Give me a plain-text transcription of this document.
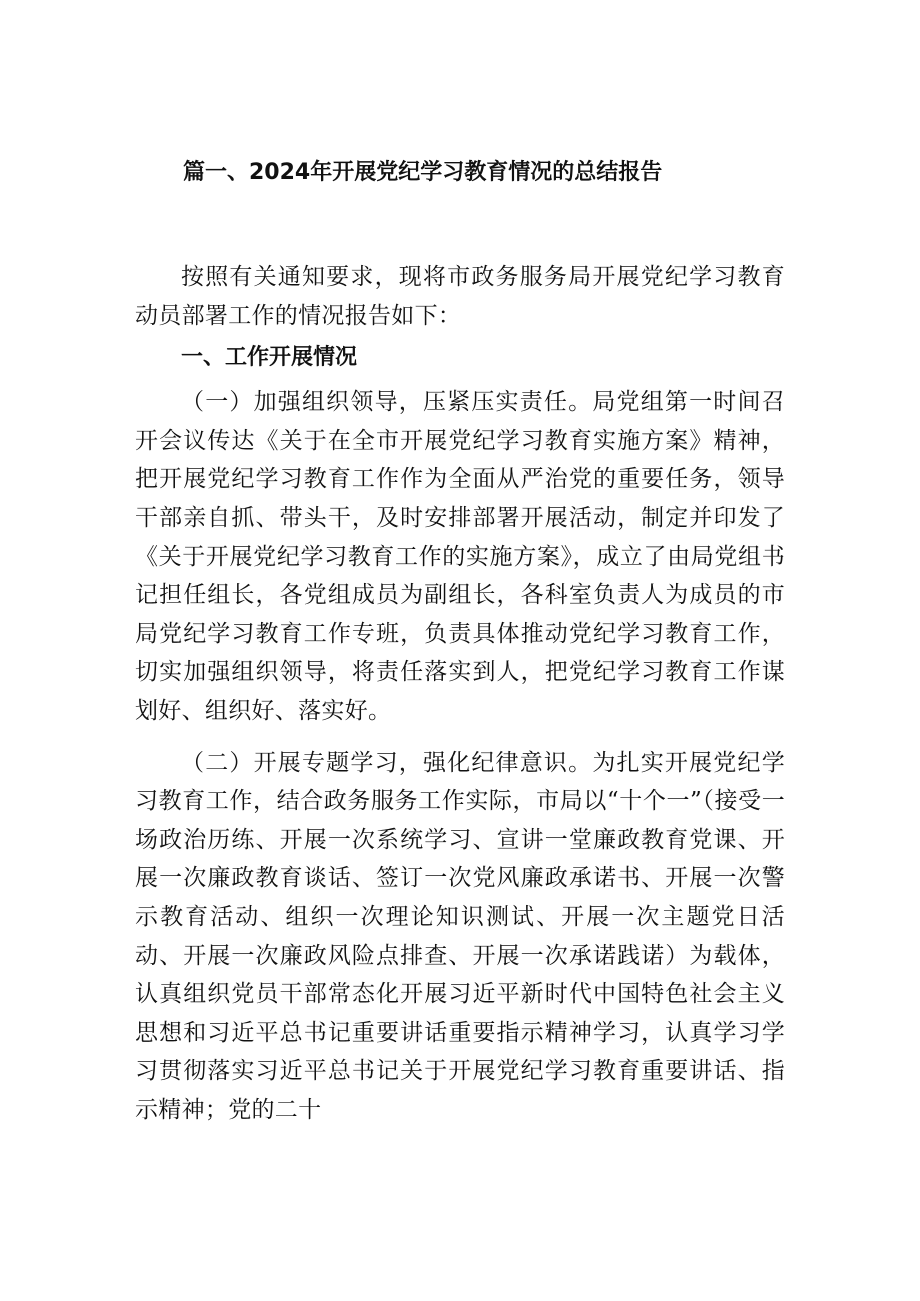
篇一、2024年开展党纪学习教育情况的总结报告

按照有关通知要求，现将市政务服务局开展党纪学习教育动员部署工作的情况报告如下：

一、工作开展情况

（一）加强组织领导，压紧压实责任。局党组第一时间召开会议传达《关于在全市开展党纪学习教育实施方案》精神，把开展党纪学习教育工作作为全面从严治党的重要任务，领导干部亲自抓、带头干，及时安排部署开展活动，制定并印发了《关于开展党纪学习教育工作的实施方案》，成立了由局党组书记担任组长，各党组成员为副组长，各科室负责人为成员的市局党纪学习教育工作专班，负责具体推动党纪学习教育工作，切实加强组织领导，将责任落实到人，把党纪学习教育工作谋划好、组织好、落实好。

（二）开展专题学习，强化纪律意识。为扎实开展党纪学习教育工作，结合政务服务工作实际，市局以“十个一”（接受一场政治历练、开展一次系统学习、宣讲一堂廉政教育党课、开展一次廉政教育谈话、签订一次党风廉政承诺书、开展一次警示教育活动、组织一次理论知识测试、开展一次主题党日活动、开展一次廉政风险点排查、开展一次承诺践诺）为载体，认真组织党员干部常态化开展习近平新时代中国特色社会主义思想和习近平总书记重要讲话重要指示精神学习，认真学习学习贯彻落实习近平总书记关于开展党纪学习教育重要讲话、指示精神；党的二十
